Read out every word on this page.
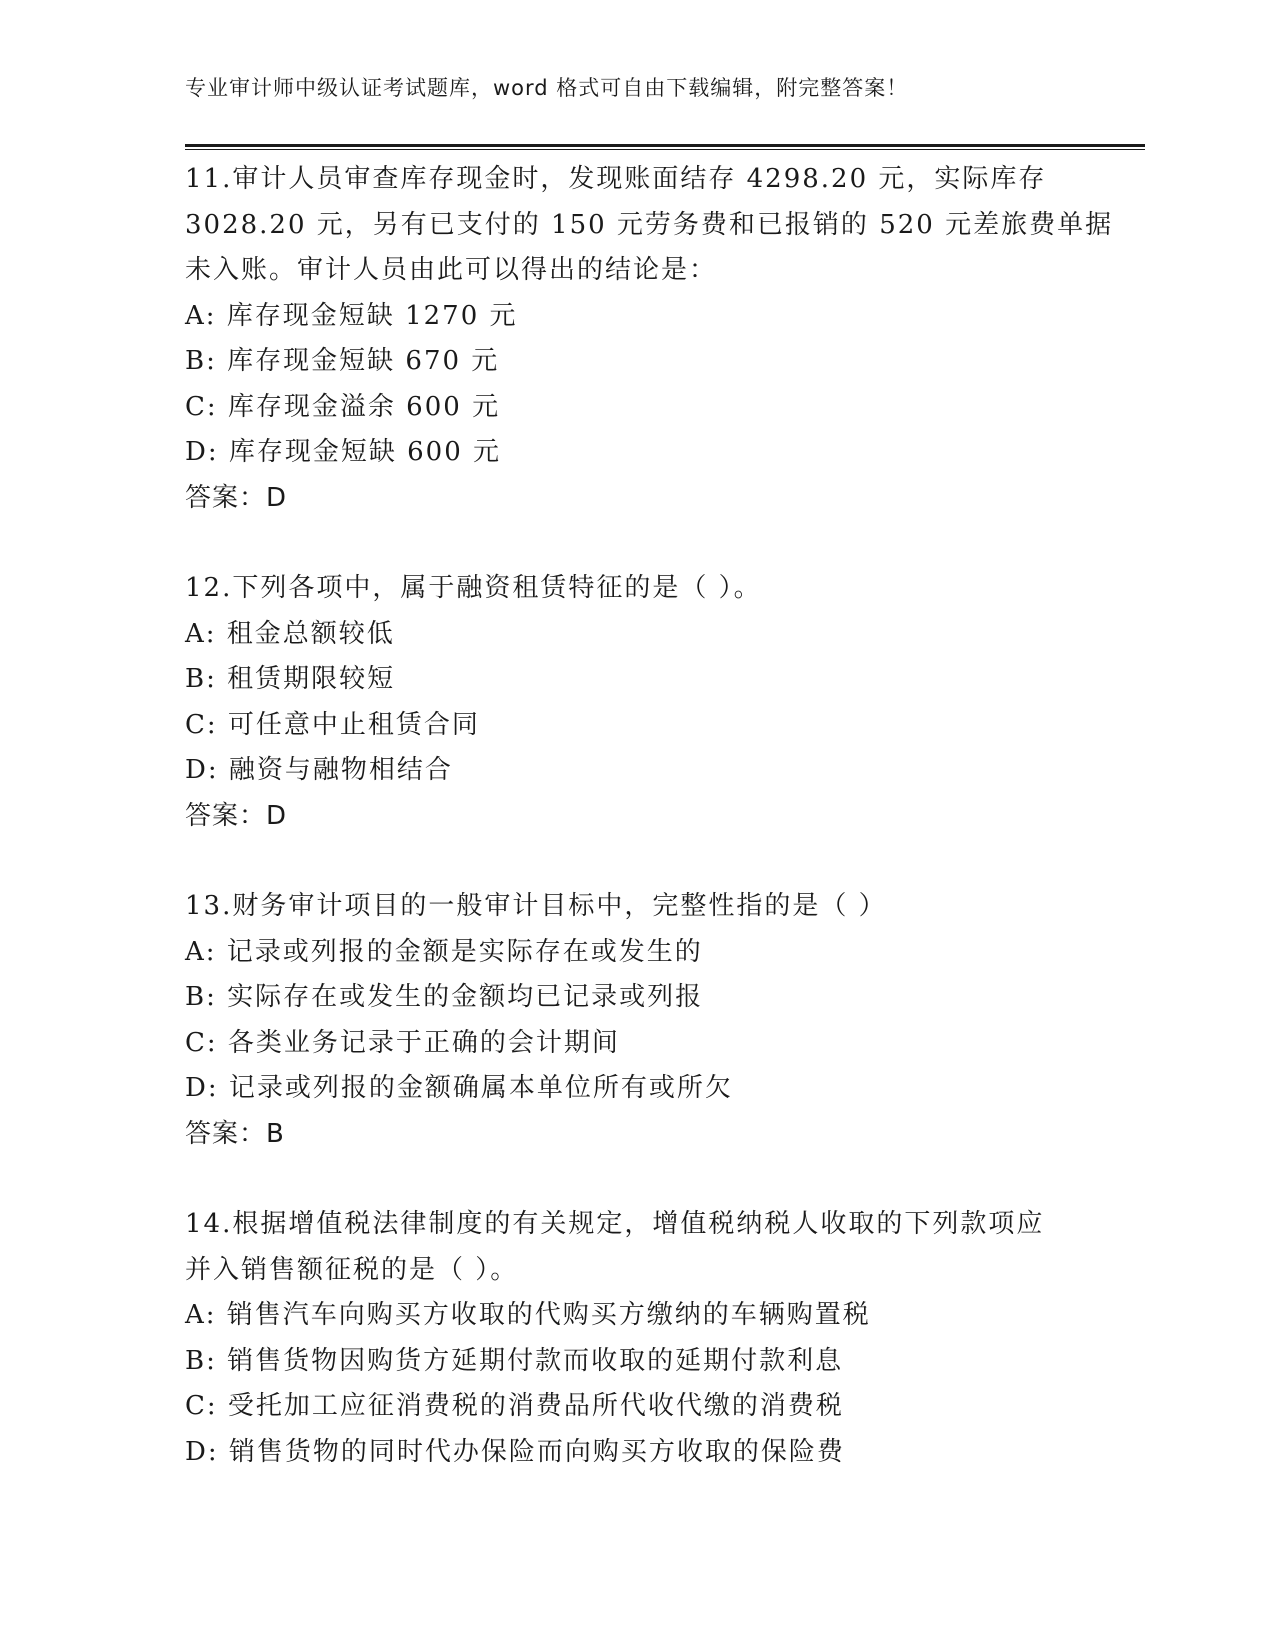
专业审计师中级认证考试题库，word 格式可自由下载编辑，附完整答案！
11.审计人员审查库存现金时，发现账面结存 4298.20 元，实际库存
3028.20 元，另有已支付的 150 元劳务费和已报销的 520 元差旅费单据
未入账。审计人员由此可以得出的结论是：
A: 库存现金短缺 1270 元
B: 库存现金短缺 670 元
C: 库存现金溢余 600 元
D: 库存现金短缺 600 元
答案：D
12.下列各项中，属于融资租赁特征的是（ ）。
A: 租金总额较低
B: 租赁期限较短
C: 可任意中止租赁合同
D: 融资与融物相结合
答案：D
13.财务审计项目的一般审计目标中，完整性指的是（ ）
A: 记录或列报的金额是实际存在或发生的
B: 实际存在或发生的金额均已记录或列报
C: 各类业务记录于正确的会计期间
D: 记录或列报的金额确属本单位所有或所欠
答案：B
14.根据增值税法律制度的有关规定，增值税纳税人收取的下列款项应
并入销售额征税的是（ ）。
A: 销售汽车向购买方收取的代购买方缴纳的车辆购置税
B: 销售货物因购货方延期付款而收取的延期付款利息
C: 受托加工应征消费税的消费品所代收代缴的消费税
D: 销售货物的同时代办保险而向购买方收取的保险费
